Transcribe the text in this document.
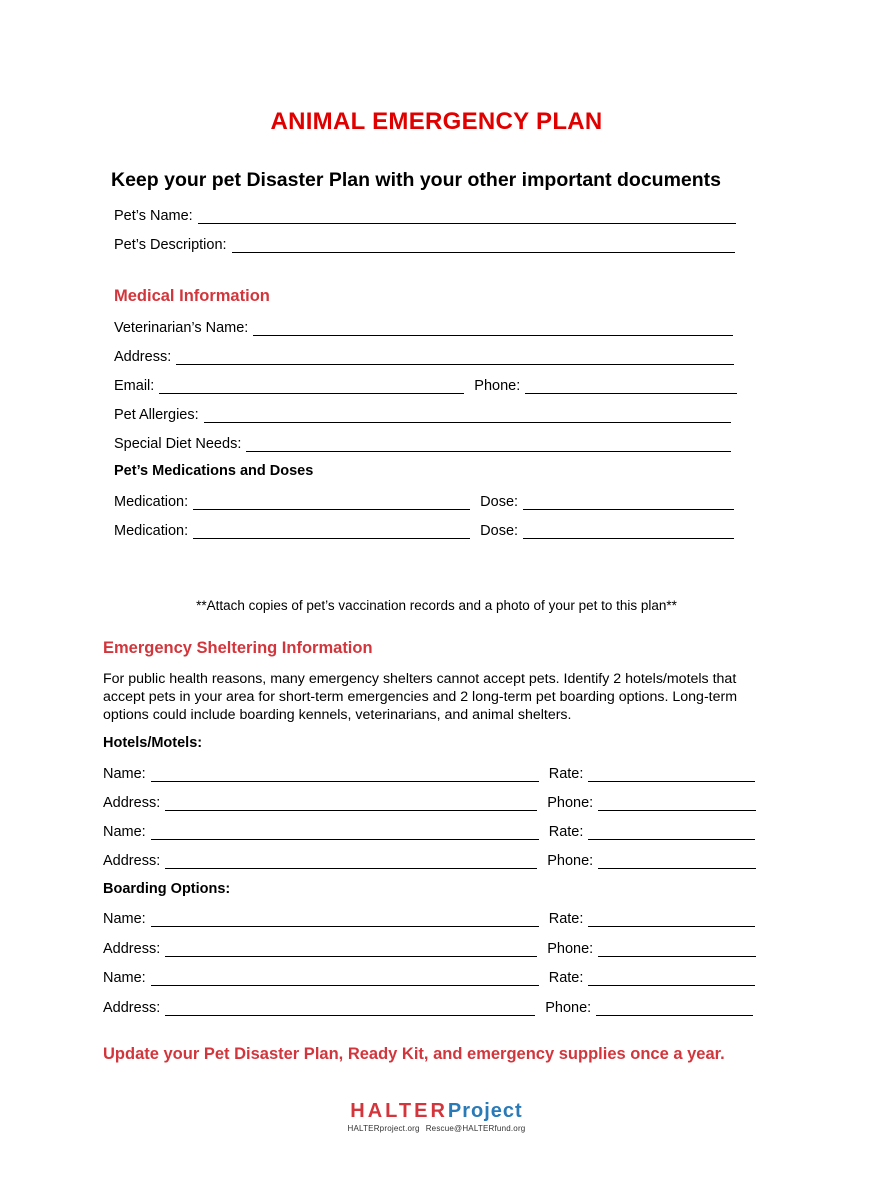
ANIMAL EMERGENCY PLAN
Keep your pet Disaster Plan with your other important documents
Pet’s Name:
Pet’s Description:
Medical Information
Veterinarian’s Name:
Address:
Email:	Phone:
Pet Allergies:
Special Diet Needs:
Pet’s Medications and Doses
Medication:	Dose:
Medication:	Dose:
**Attach copies of pet’s vaccination records and a photo of your pet to this plan**
Emergency Sheltering Information
For public health reasons, many emergency shelters cannot accept pets. Identify 2 hotels/motels that accept pets in your area for short-term emergencies and 2 long-term pet boarding options. Long-term options could include boarding kennels, veterinarians, and animal shelters.
Hotels/Motels:
Name:	Rate:
Address:	Phone:
Name:	Rate:
Address:	Phone:
Boarding Options:
Name:	Rate:
Address:	Phone:
Name:	Rate:
Address:	Phone:
Update your Pet Disaster Plan, Ready Kit, and emergency supplies once a year.
HALTERProject
HALTERproject.org Rescue@HALTERfund.org
